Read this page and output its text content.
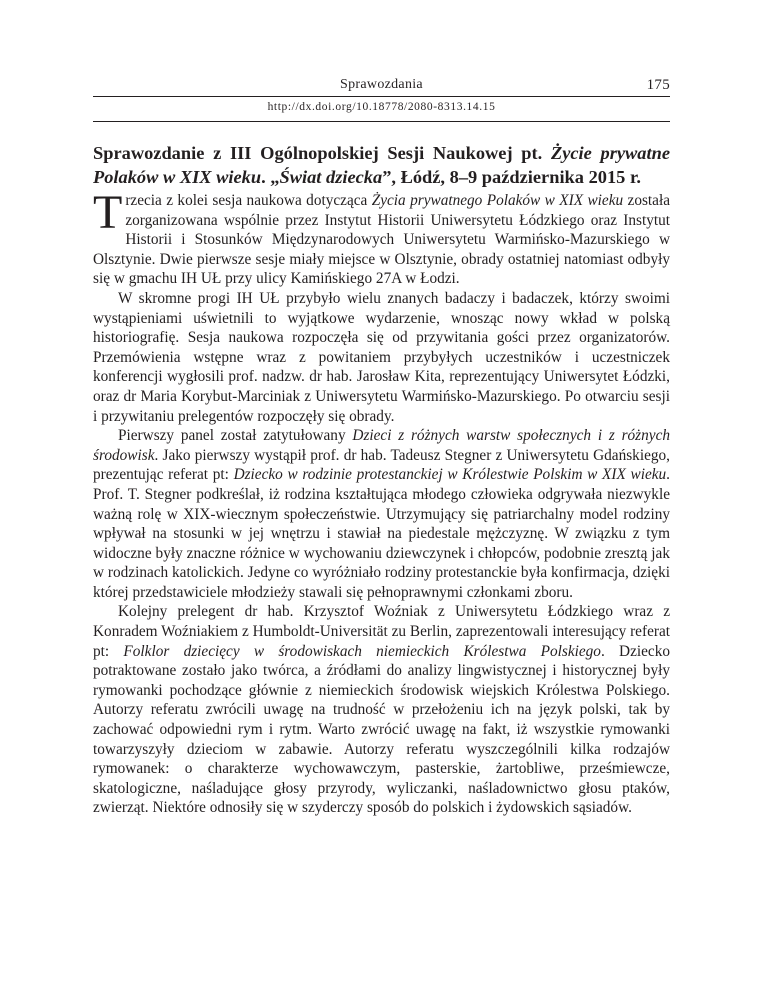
Sprawozdania	175
http://dx.doi.org/10.18778/2080-8313.14.15
Sprawozdanie z III Ogólnopolskiej Sesji Naukowej pt. Życie prywatne Polaków w XIX wieku. „Świat dziecka”, Łódź, 8–9 października 2015 r.

Trzecia z kolei sesja naukowa dotycząca Życia prywatnego Polaków w XIX wieku została zorganizowana wspólnie przez Instytut Historii Uniwersytetu Łódzkiego oraz Instytut Historii i Stosunków Międzynarodowych Uniwersytetu Warmińsko-Mazurskiego w Olsztynie. Dwie pierwsze sesje miały miejsce w Olsztynie, obrady ostatniej natomiast odbyły się w gmachu IH UŁ przy ulicy Kamińskiego 27A w Łodzi.

W skromne progi IH UŁ przybyło wielu znanych badaczy i badaczek, którzy swoimi wystąpieniami uświetnili to wyjątkowe wydarzenie, wnosząc nowy wkład w polską historiografię. Sesja naukowa rozpoczęła się od przywitania gości przez organizatorów. Przemówienia wstępne wraz z powitaniem przybyłych uczestników i uczestniczek konferencji wygłosili prof. nadzw. dr hab. Jarosław Kita, reprezentujący Uniwersytet Łódzki, oraz dr Maria Korybut-Marciniak z Uniwersytetu Warmińsko-Mazurskiego. Po otwarciu sesji i przywitaniu prelegentów rozpoczęły się obrady.

Pierwszy panel został zatytułowany Dzieci z różnych warstw społecznych i z różnych środowisk. Jako pierwszy wystąpił prof. dr hab. Tadeusz Stegner z Uniwersytetu Gdańskiego, prezentując referat pt: Dziecko w rodzinie protestanckiej w Królestwie Polskim w XIX wieku. Prof. T. Stegner podkreślał, iż rodzina kształtująca młodego człowieka odgrywała niezwykle ważną rolę w XIX-wiecznym społeczeństwie. Utrzymujący się patriarchalny model rodziny wpływał na stosunki w jej wnętrzu i stawiał na piedestale mężczyznę. W związku z tym widoczne były znaczne różnice w wychowaniu dziewczynek i chłopców, podobnie zresztą jak w rodzinach katolickich. Jedyne co wyróżniało rodziny protestanckie była konfirmacja, dzięki której przedstawiciele młodzieży stawali się pełnoprawnymi członkami zboru.

Kolejny prelegent dr hab. Krzysztof Woźniak z Uniwersytetu Łódzkiego wraz z Konradem Woźniakiem z Humboldt-Universität zu Berlin, zaprezentowali interesujący referat pt: Folklor dziecięcy w środowiskach niemieckich Królestwa Polskiego. Dziecko potraktowane zostało jako twórca, a źródłami do analizy lingwistycznej i historycznej były rymowanki pochodzące głównie z niemieckich środowisk wiejskich Królestwa Polskiego. Autorzy referatu zwrócili uwagę na trudność w przełożeniu ich na język polski, tak by zachować odpowiedni rym i rytm. Warto zwrócić uwagę na fakt, iż wszystkie rymowanki towarzyszyły dzieciom w zabawie. Autorzy referatu wyszczególnili kilka rodzajów rymowanek: o charakterze wychowawczym, pasterskie, żartobliwe, prześmiewcze, skatologiczne, naśladujące głosy przyrody, wyliczanki, naśladownictwo głosu ptaków, zwierząt. Niektóre odnosiły się w szyderczy sposób do polskich i żydowskich sąsiadów.
